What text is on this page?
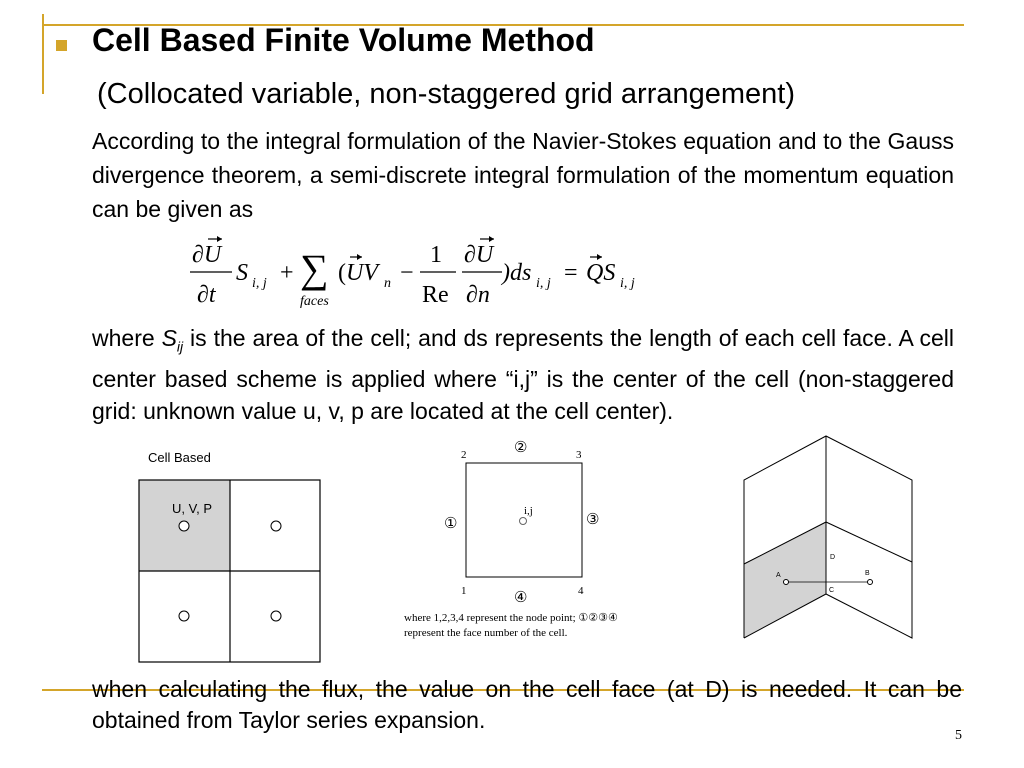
Cell Based Finite Volume Method
(Collocated variable, non-staggered grid arrangement)
According to the integral formulation of the Navier-Stokes equation and to the Gauss divergence theorem, a semi-discrete integral formulation of the momentum equation can be given as
∂U
∂t
S i, j + ∑
faces
( UV n −
1
Re
∂U
∂n
)ds i, j = QS i, j
where $S_{ij}$ is the area of the cell; and ds represents the length of each cell face. A cell center based scheme is applied where “i,j” is the center of the cell (non-staggered grid: unknown value u, v, p are located at the cell center).
Cell Based
U, V, P
②
2	3
①	③
i,j
1	4
④
where 1,2,3,4 represent the node point; ①②③④
represent the face number of the cell.
A	B
C
D
when calculating the flux, the value on the cell face (at D) is needed. It can be obtained from Taylor series expansion.
5
